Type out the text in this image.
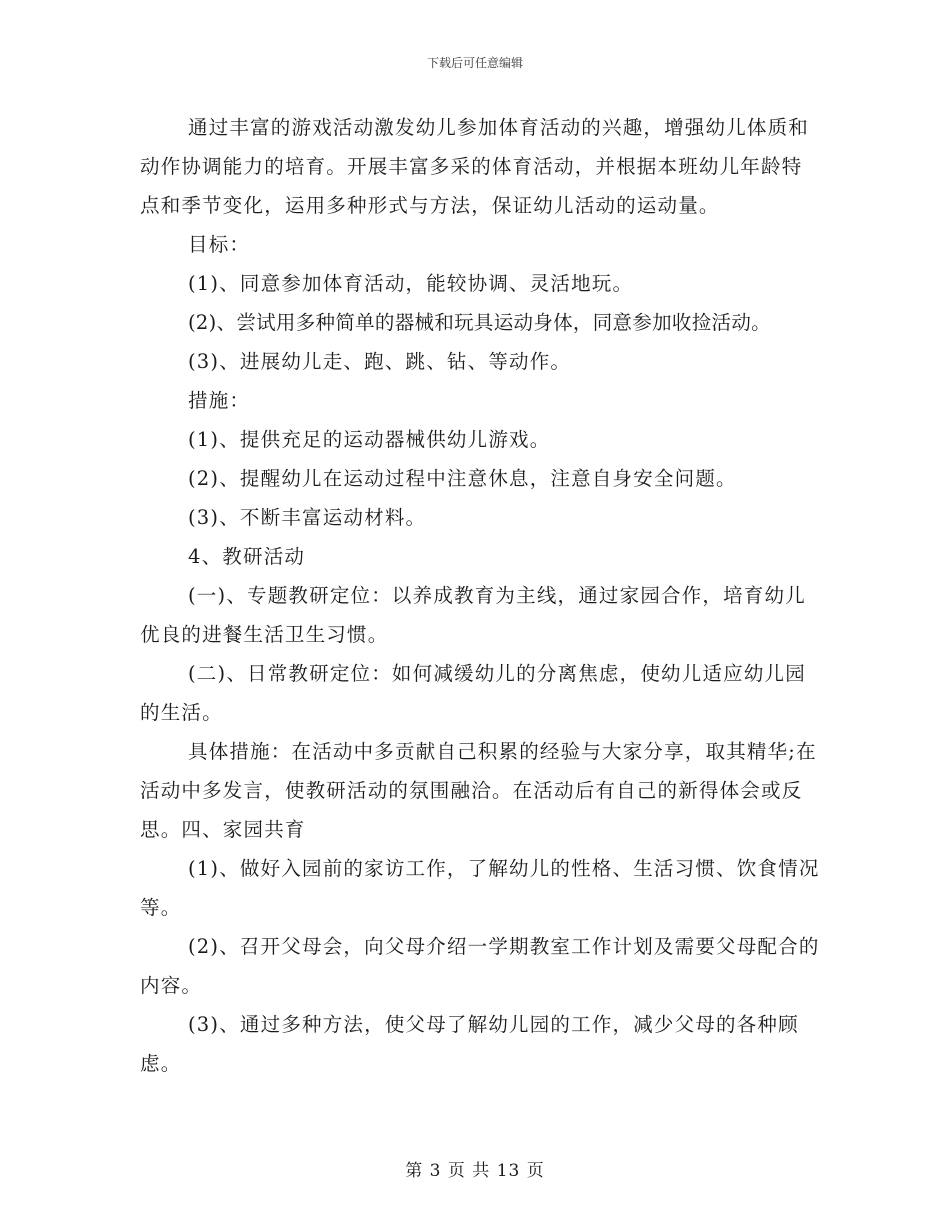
下载后可任意编辑

通过丰富的游戏活动激发幼儿参加体育活动的兴趣，增强幼儿体质和动作协调能力的培育。开展丰富多采的体育活动，并根据本班幼儿年龄特点和季节变化，运用多种形式与方法，保证幼儿活动的运动量。

目标：

(1)、同意参加体育活动，能较协调、灵活地玩。

(2)、尝试用多种简单的器械和玩具运动身体，同意参加收捡活动。

(3)、进展幼儿走、跑、跳、钻、等动作。

措施：

(1)、提供充足的运动器械供幼儿游戏。

(2)、提醒幼儿在运动过程中注意休息，注意自身安全问题。

(3)、不断丰富运动材料。

4、教研活动

(一)、专题教研定位：以养成教育为主线，通过家园合作，培育幼儿优良的进餐生活卫生习惯。

(二)、日常教研定位：如何减缓幼儿的分离焦虑，使幼儿适应幼儿园的生活。

具体措施：在活动中多贡献自己积累的经验与大家分享，取其精华;在活动中多发言，使教研活动的氛围融洽。在活动后有自己的新得体会或反思。四、家园共育

(1)、做好入园前的家访工作，了解幼儿的性格、生活习惯、饮食情况等。

(2)、召开父母会，向父母介绍一学期教室工作计划及需要父母配合的内容。

(3)、通过多种方法，使父母了解幼儿园的工作，减少父母的各种顾虑。

第 3 页 共 13 页
